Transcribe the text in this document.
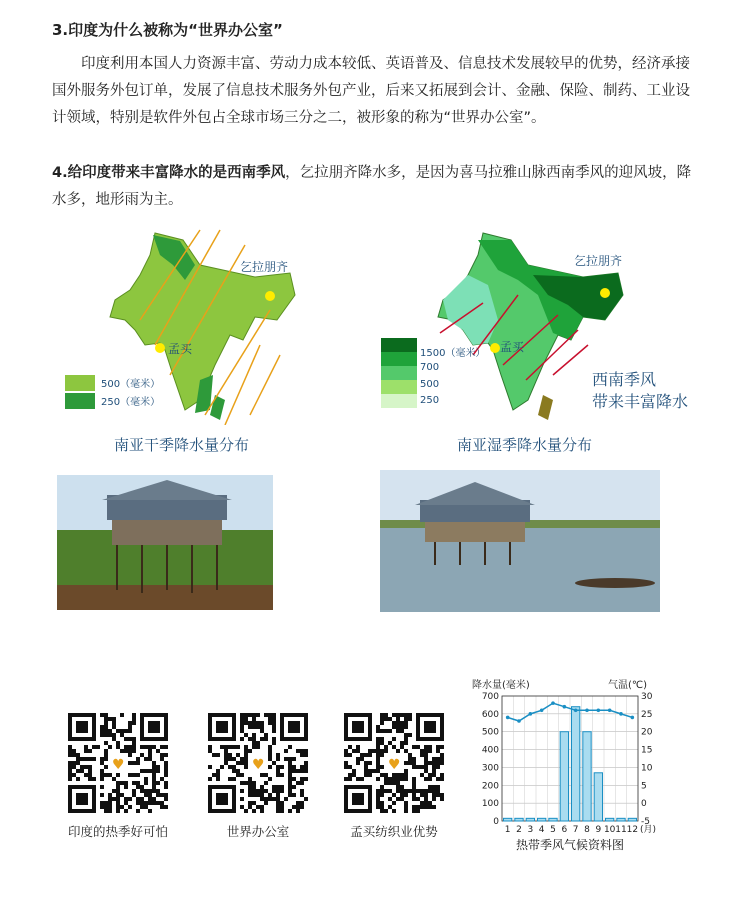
3.印度为什么被称为“世界办公室”
印度利用本国人力资源丰富、劳动力成本较低、英语普及、信息技术发展较早的优势，经济承接国外服务外包订单，发展了信息技术服务外包产业，后来又拓展到会计、金融、保险、制药、工业设计领域，特别是软件外包占全球市场三分之二，被形象的称为“世界办公室”。
4.给印度带来丰富降水的是西南季风，乞拉朋齐降水多，是因为喜马拉雅山脉西南季风的迎风坡，降水多，地形雨为主。
乞拉朋齐
孟买
500（毫米）
250（毫米）
南亚干季降水量分布
乞拉朋齐
孟买
1500（毫米）
700
500
250
西南季风
带来丰富降水
南亚湿季降水量分布
♥
印度的热季好可怕
♥
世界办公室
♥
孟买纺织业优势
降水量(毫米)	气温(℃)
0
100
200
300
400
500
600
700
-5
0
5
10
15
20
25
30
1 2 3 4 5 6 7 8 9 10 11 12 (月)
热带季风气候资料图
